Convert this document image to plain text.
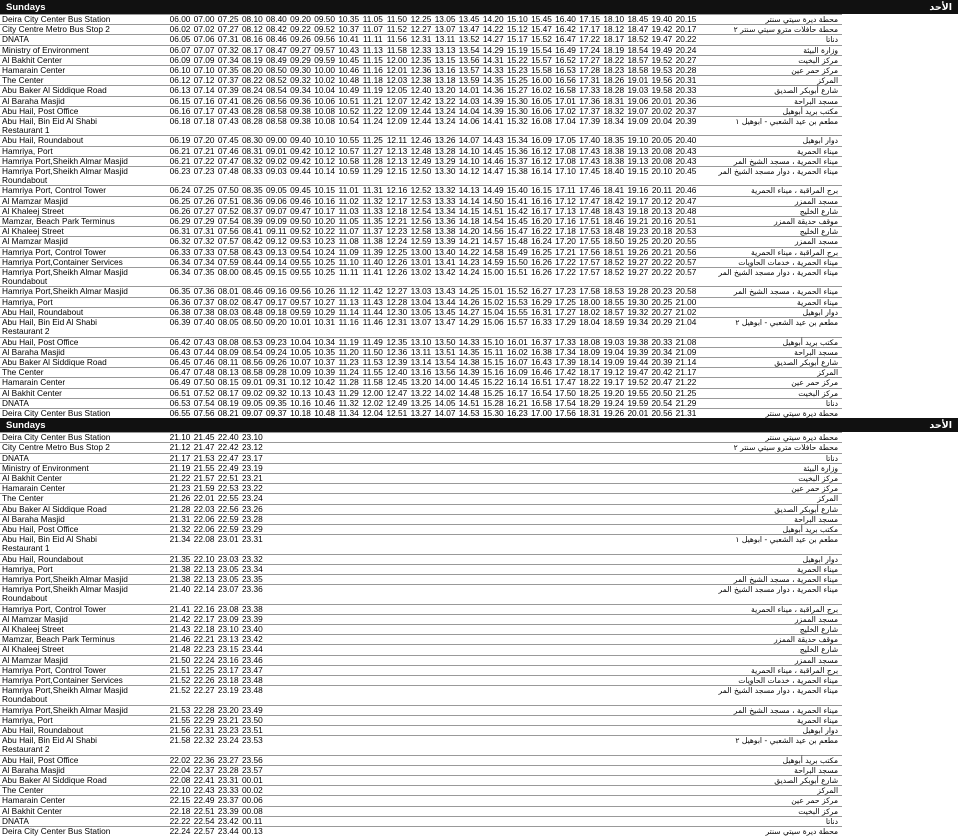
Sundays	الأحد
Deira City Center Bus Station	06.00	07.00	07.25	08.10	08.40	09.20	09.50	10.35	11.05	11.50	12.25	13.05	13.45	14.20	15.10	15.45	16.40	17.15	18.10	18.45	19.40	20.15	محطة ديرة سيتي سنتر
City Centre Metro Bus Stop 2	06.02	07.02	07.27	08.12	08.42	09.22	09.52	10.37	11.07	11.52	12.27	13.07	13.47	14.22	15.12	15.47	16.42	17.17	18.12	18.47	19.42	20.17	محطة حافلات مترو سيتي سنتر ٢
DNATA	06.05	07.06	07.31	08.16	08.46	09.26	09.56	10.41	11.11	11.56	12.31	13.11	13.52	14.27	15.17	15.52	16.47	17.22	18.17	18.52	19.47	20.22	دناتا
Ministry of Environment	06.07	07.07	07.32	08.17	08.47	09.27	09.57	10.43	11.13	11.58	12.33	13.13	13.54	14.29	15.19	15.54	16.49	17.24	18.19	18.54	19.49	20.24	وزارة البيئة
Al Bakhit Center	06.09	07.09	07.34	08.19	08.49	09.29	09.59	10.45	11.15	12.00	12.35	13.15	13.56	14.31	15.22	15.57	16.52	17.27	18.22	18.57	19.52	20.27	مركز البخيت
Hamarain Center	06.10	07.10	07.35	08.20	08.50	09.30	10.00	10.46	11.16	12.01	12.36	13.16	13.57	14.33	15.23	15.58	16.53	17.28	18.23	18.58	19.53	20.28	مركز حمر عين
The Center	06.12	07.12	07.37	08.22	08.52	09.32	10.02	10.48	11.18	12.03	12.38	13.18	13.59	14.35	15.25	16.00	16.56	17.31	18.26	19.01	19.56	20.31	المركز
Abu Baker Al Siddique Road	06.13	07.14	07.39	08.24	08.54	09.34	10.04	10.49	11.19	12.05	12.40	13.20	14.01	14.36	15.27	16.02	16.58	17.33	18.28	19.03	19.58	20.33	شارع أبوبكر الصديق
Al Baraha Masjid	06.15	07.16	07.41	08.26	08.56	09.36	10.06	10.51	11.21	12.07	12.42	13.22	14.03	14.39	15.30	16.05	17.01	17.36	18.31	19.06	20.01	20.36	مسجد البراحة
Abu Hail, Post Office	06.16	07.17	07.43	08.28	08.58	09.38	10.08	10.52	11.22	12.09	12.44	13.24	14.04	14.39	15.30	16.06	17.02	17.37	18.32	19.07	20.02	20.37	مكتب بريد أبوهيل
Abu Hail, Bin Eid Al Shabi	06.18	07.18	07.43	08.28	08.58	09.38	10.08	10.54	11.24	12.09	12.44	13.24	14.06	14.41	15.32	16.08	17.04	17.39	18.34	19.09	20.04	20.39	مطعم بن عيد الشعبي - ابوهيل ١
Restaurant 1																							
Abu Hail, Roundabout	06.19	07.20	07.45	08.30	09.00	09.40	10.10	10.55	11.25	12.11	12.46	13.26	14.07	14.43	15.34	16.09	17.05	17.40	18.35	19.10	20.05	20.40	دوار ابوهيل
Hamriya, Port	06.21	07.21	07.46	08.31	09.01	09.42	10.12	10.57	11.27	12.13	12.48	13.28	14.10	14.45	15.36	16.12	17.08	17.43	18.38	19.13	20.08	20.43	ميناء الحمرية
Hamriya Port,Sheikh Almar Masjid	06.21	07.22	07.47	08.32	09.02	09.42	10.12	10.58	11.28	12.13	12.49	13.29	14.10	14.46	15.37	16.12	17.08	17.43	18.38	19.13	20.08	20.43	ميناء الحمرية ، مسجد الشيخ المر
Hamriya Port,Sheikh Almar Masjid	06.23	07.23	07.48	08.33	09.03	09.44	10.14	10.59	11.29	12.15	12.50	13.30	14.12	14.47	15.38	16.14	17.10	17.45	18.40	19.15	20.10	20.45	ميناء الحمرية ، دوار مسجد الشيخ المر
Roundabout																							
Hamriya Port, Control Tower	06.24	07.25	07.50	08.35	09.05	09.45	10.15	11.01	11.31	12.16	12.52	13.32	14.13	14.49	15.40	16.15	17.11	17.46	18.41	19.16	20.11	20.46	برج المراقبة ، ميناء الحمرية
Al Mamzar Masjid	06.25	07.26	07.51	08.36	09.06	09.46	10.16	11.02	11.32	12.17	12.53	13.33	14.14	14.50	15.41	16.16	17.12	17.47	18.42	19.17	20.12	20.47	مسجد الممزر
Al Khaleej Street	06.26	07.27	07.52	08.37	09.07	09.47	10.17	11.03	11.33	12.18	12.54	13.34	14.15	14.51	15.42	16.17	17.13	17.48	18.43	19.18	20.13	20.48	شارع الخليج
Mamzar, Beach Park Terminus	06.29	07.29	07.54	08.39	09.09	09.50	10.20	11.05	11.35	12.21	12.56	13.36	14.18	14.54	15.45	16.20	17.16	17.51	18.46	19.21	20.16	20.51	موقف حديقة الممزر
Al Khaleej Street	06.31	07.31	07.56	08.41	09.11	09.52	10.22	11.07	11.37	12.23	12.58	13.38	14.20	14.56	15.47	16.22	17.18	17.53	18.48	19.23	20.18	20.53	شارع الخليج
Al Mamzar Masjid	06.32	07.32	07.57	08.42	09.12	09.53	10.23	11.08	11.38	12.24	12.59	13.39	14.21	14.57	15.48	16.24	17.20	17.55	18.50	19.25	20.20	20.55	مسجد الممزر
Hamriya Port, Control Tower	06.33	07.33	07.58	08.43	09.13	09.54	10.24	11.09	11.39	12.25	13.00	13.40	14.22	14.58	15.49	16.25	17.21	17.56	18.51	19.26	20.21	20.56	برج المراقبة ، ميناء الحمرية
Hamriya Port,Container Services	06.34	07.34	07.59	08.44	09.14	09.55	10.25	11.10	11.40	12.26	13.01	13.41	14.23	14.59	15.50	16.26	17.22	17.57	18.52	19.27	20.22	20.57	ميناء الحمرية ، خدمات الحاويات
Hamriya Port,Sheikh Almar Masjid	06.34	07.35	08.00	08.45	09.15	09.55	10.25	11.11	11.41	12.26	13.02	13.42	14.24	15.00	15.51	16.26	17.22	17.57	18.52	19.27	20.22	20.57	ميناء الحمرية ، دوار مسجد الشيخ المر
Roundabout																							
Hamriya Port,Sheikh Almar Masjid	06.35	07.36	08.01	08.46	09.16	09.56	10.26	11.12	11.42	12.27	13.03	13.43	14.25	15.01	15.52	16.27	17.23	17.58	18.53	19.28	20.23	20.58	ميناء الحمرية ، مسجد الشيخ المر
Hamriya, Port	06.36	07.37	08.02	08.47	09.17	09.57	10.27	11.13	11.43	12.28	13.04	13.44	14.26	15.02	15.53	16.29	17.25	18.00	18.55	19.30	20.25	21.00	ميناء الحمرية
Abu Hail, Roundabout	06.38	07.38	08.03	08.48	09.18	09.59	10.29	11.14	11.44	12.30	13.05	13.45	14.27	15.04	15.55	16.31	17.27	18.02	18.57	19.32	20.27	21.02	دوار ابوهيل
Abu Hail, Bin Eid Al Shabi	06.39	07.40	08.05	08.50	09.20	10.01	10.31	11.16	11.46	12.31	13.07	13.47	14.29	15.06	15.57	16.33	17.29	18.04	18.59	19.34	20.29	21.04	مطعم بن عيد الشعبي - ابوهيل ٢
Restaurant 2																							
Abu Hail, Post Office	06.42	07.43	08.08	08.53	09.23	10.04	10.34	11.19	11.49	12.35	13.10	13.50	14.33	15.10	16.01	16.37	17.33	18.08	19.03	19.38	20.33	21.08	مكتب بريد أبوهيل
Al Baraha Masjid	06.43	07.44	08.09	08.54	09.24	10.05	10.35	11.20	11.50	12.36	13.11	13.51	14.35	15.11	16.02	16.38	17.34	18.09	19.04	19.39	20.34	21.09	مسجد البراحة
Abu Baker Al Siddique Road	06.45	07.46	08.11	08.56	09.26	10.07	10.37	11.23	11.53	12.39	13.14	13.54	14.38	15.15	16.07	16.43	17.39	18.14	19.09	19.44	20.39	21.14	شارع أبوبكر الصديق
The Center	06.47	07.48	08.13	08.58	09.28	10.09	10.39	11.24	11.55	12.40	13.16	13.56	14.39	15.16	16.09	16.46	17.42	18.17	19.12	19.47	20.42	21.17	المركز
Hamarain Center	06.49	07.50	08.15	09.01	09.31	10.12	10.42	11.28	11.58	12.45	13.20	14.00	14.45	15.22	16.14	16.51	17.47	18.22	19.17	19.52	20.47	21.22	مركز حمر عين
Al Bakhit Center	06.51	07.52	08.17	09.02	09.32	10.13	10.43	11.29	12.00	12.47	13.22	14.02	14.48	15.25	16.17	16.54	17.50	18.25	19.20	19.55	20.50	21.25	مركز البخيت
DNATA	06.53	07.54	08.19	09.05	09.35	10.16	10.46	11.32	12.02	12.49	13.25	14.05	14.51	15.28	16.21	16.58	17.54	18.29	19.24	19.59	20.54	21.29	دناتا
Deira City Center Bus Station	06.55	07.56	08.21	09.07	09.37	10.18	10.48	11.34	12.04	12.51	13.27	14.07	14.53	15.30	16.23	17.00	17.56	18.31	19.26	20.01	20.56	21.31	محطة ديرة سيتي سنتر
Sundays	الأحد
Deira City Center Bus Station	21.10	21.45	22.40	23.10																			محطة ديرة سيتي سنتر
City Centre Metro Bus Stop 2	21.12	21.47	22.42	23.12																			محطة حافلات مترو سيتي سنتر ٢
DNATA	21.17	21.53	22.47	23.17																			دناتا
Ministry of Environment	21.19	21.55	22.49	23.19																			وزارة البيئة
Al Bakhit Center	21.22	21.57	22.51	23.21																			مركز البخيت
Hamarain Center	21.23	21.59	22.53	23.22																			مركز حمر عين
The Center	21.26	22.01	22.55	23.24																			المركز
Abu Baker Al Siddique Road	21.28	22.03	22.56	23.26																			شارع أبوبكر الصديق
Al Baraha Masjid	21.31	22.06	22.59	23.28																			مسجد البراحة
Abu Hail, Post Office	21.32	22.06	22.59	23.29																			مكتب بريد أبوهيل
Abu Hail, Bin Eid Al Shabi	21.34	22.08	23.01	23.31																			مطعم بن عيد الشعبي - ابوهيل ١
Restaurant 1																							
Abu Hail, Roundabout	21.35	22.10	23.03	23.32																			دوار ابوهيل
Hamriya, Port	21.38	22.13	23.05	23.34																			ميناء الحمرية
Hamriya Port,Sheikh Almar Masjid	21.38	22.13	23.05	23.35																			ميناء الحمرية ، مسجد الشيخ المر
Hamriya Port,Sheikh Almar Masjid	21.40	22.14	23.07	23.36																			ميناء الحمرية ، دوار مسجد الشيخ المر
Roundabout																							
Hamriya Port, Control Tower	21.41	22.16	23.08	23.38																			برج المراقبة ، ميناء الحمرية
Al Mamzar Masjid	21.42	22.17	23.09	23.39																			مسجد الممزر
Al Khaleej Street	21.43	22.18	23.10	23.40																			شارع الخليج
Mamzar, Beach Park Terminus	21.46	22.21	23.13	23.42																			موقف حديقة الممزر
Al Khaleej Street	21.48	22.23	23.15	23.44																			شارع الخليج
Al Mamzar Masjid	21.50	22.24	23.16	23.46																			مسجد الممزر
Hamriya Port, Control Tower	21.51	22.25	23.17	23.47																			برج المراقبة ، ميناء الحمرية
Hamriya Port,Container Services	21.52	22.26	23.18	23.48																			ميناء الحمرية ، خدمات الحاويات
Hamriya Port,Sheikh Almar Masjid	21.52	22.27	23.19	23.48																			ميناء الحمرية ، دوار مسجد الشيخ المر
Roundabout																							
Hamriya Port,Sheikh Almar Masjid	21.53	22.28	23.20	23.49																			ميناء الحمرية ، مسجد الشيخ المر
Hamriya, Port	21.55	22.29	23.21	23.50																			ميناء الحمرية
Abu Hail, Roundabout	21.56	22.31	23.23	23.51																			دوار ابوهيل
Abu Hail, Bin Eid Al Shabi	21.58	22.32	23.24	23.53																			مطعم بن عيد الشعبي - ابوهيل ٢
Restaurant 2																							
Abu Hail, Post Office	22.02	22.36	23.27	23.56																			مكتب بريد أبوهيل
Al Baraha Masjid	22.04	22.37	23.28	23.57																			مسجد البراحة
Abu Baker Al Siddique Road	22.08	22.41	23.31	00.01																			شارع أبوبكر الصديق
The Center	22.10	22.43	23.33	00.02																			المركز
Hamarain Center	22.15	22.49	23.37	00.06																			مركز حمر عين
Al Bakhit Center	22.18	22.51	23.39	00.08																			مركز البخيت
DNATA	22.22	22.54	23.42	00.11																			دناتا
Deira City Center Bus Station	22.24	22.57	23.44	00.13																			محطة ديرة سيتي سنتر
